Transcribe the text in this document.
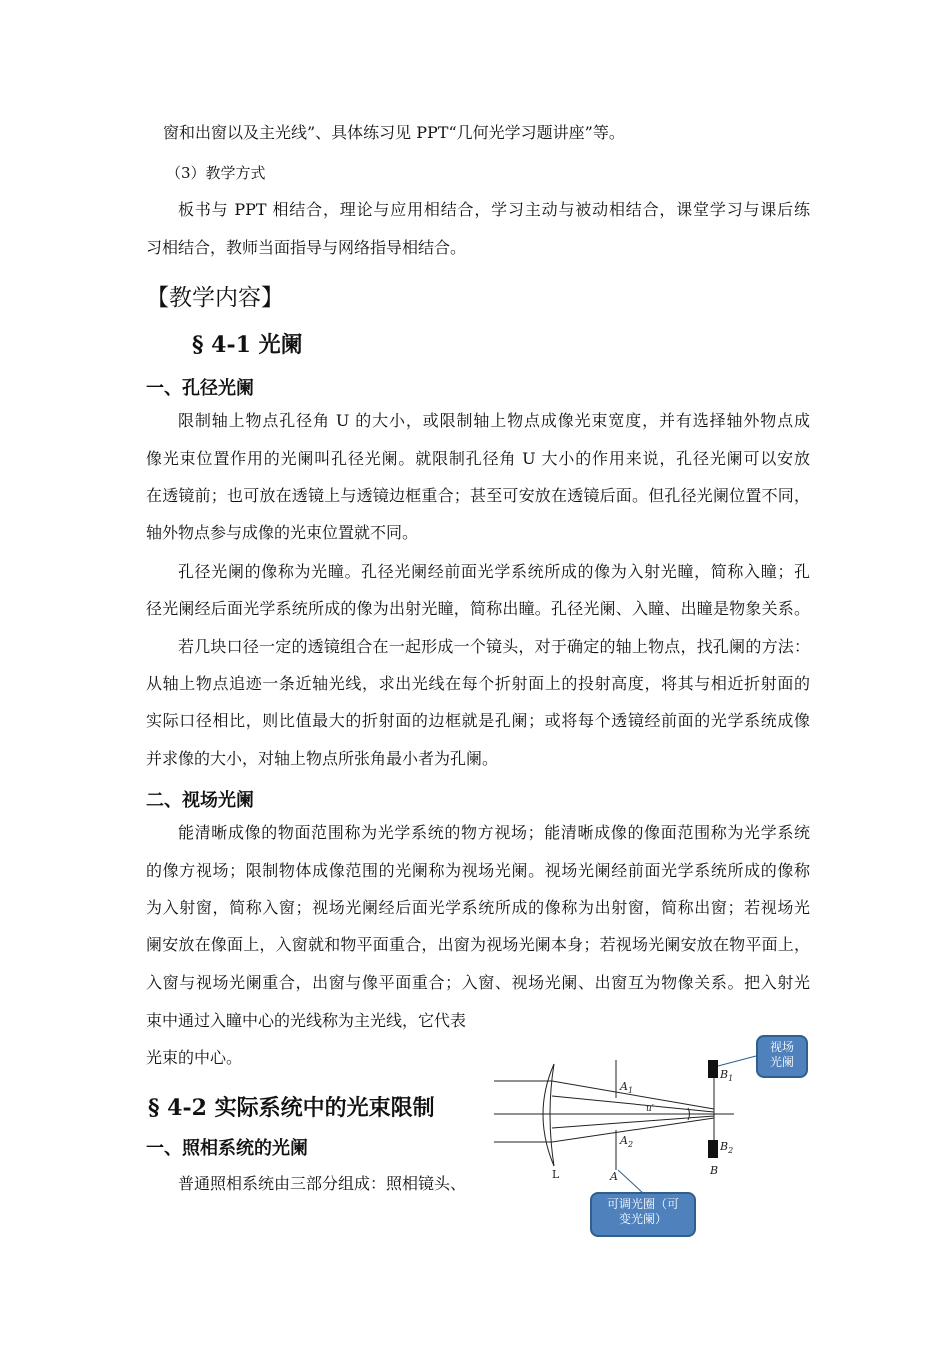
窗和出窗以及主光线”、具体练习见 PPT“几何光学习题讲座”等。
（3）教学方式
板书与 PPT 相结合，理论与应用相结合，学习主动与被动相结合，课堂学习与课后练
习相结合，教师当面指导与网络指导相结合。
【教学内容】
§ 4-1 光阑
一、孔径光阑
限制轴上物点孔径角 U 的大小，或限制轴上物点成像光束宽度，并有选择轴外物点成
像光束位置作用的光阑叫孔径光阑。就限制孔径角 U 大小的作用来说，孔径光阑可以安放
在透镜前；也可放在透镜上与透镜边框重合；甚至可安放在透镜后面。但孔径光阑位置不同，
轴外物点参与成像的光束位置就不同。
孔径光阑的像称为光瞳。孔径光阑经前面光学系统所成的像为入射光瞳，简称入瞳；孔
径光阑经后面光学系统所成的像为出射光瞳，简称出瞳。孔径光阑、入瞳、出瞳是物象关系。
若几块口径一定的透镜组合在一起形成一个镜头，对于确定的轴上物点，找孔阑的方法：
从轴上物点追迹一条近轴光线，求出光线在每个折射面上的投射高度，将其与相近折射面的
实际口径相比，则比值最大的折射面的边框就是孔阑；或将每个透镜经前面的光学系统成像
并求像的大小，对轴上物点所张角最小者为孔阑。
二、视场光阑
能清晰成像的物面范围称为光学系统的物方视场；能清晰成像的像面范围称为光学系统
的像方视场；限制物体成像范围的光阑称为视场光阑。视场光阑经前面光学系统所成的像称
为入射窗，简称入窗；视场光阑经后面光学系统所成的像称为出射窗，简称出窗；若视场光
阑安放在像面上，入窗就和物平面重合，出窗为视场光阑本身；若视场光阑安放在物平面上，
入窗与视场光阑重合，出窗与像平面重合；入窗、视场光阑、出窗互为物像关系。把入射光
束中通过入瞳中心的光线称为主光线，它代表
光束的中心。
§ 4-2 实际系统中的光束限制
一、照相系统的光阑
普通照相系统由三部分组成：照相镜头、
$A_1$
$A_2$
A
$B_1$
$B_2$
B
u′
L
视场
光阑
可调光圈（可
变光阑）
